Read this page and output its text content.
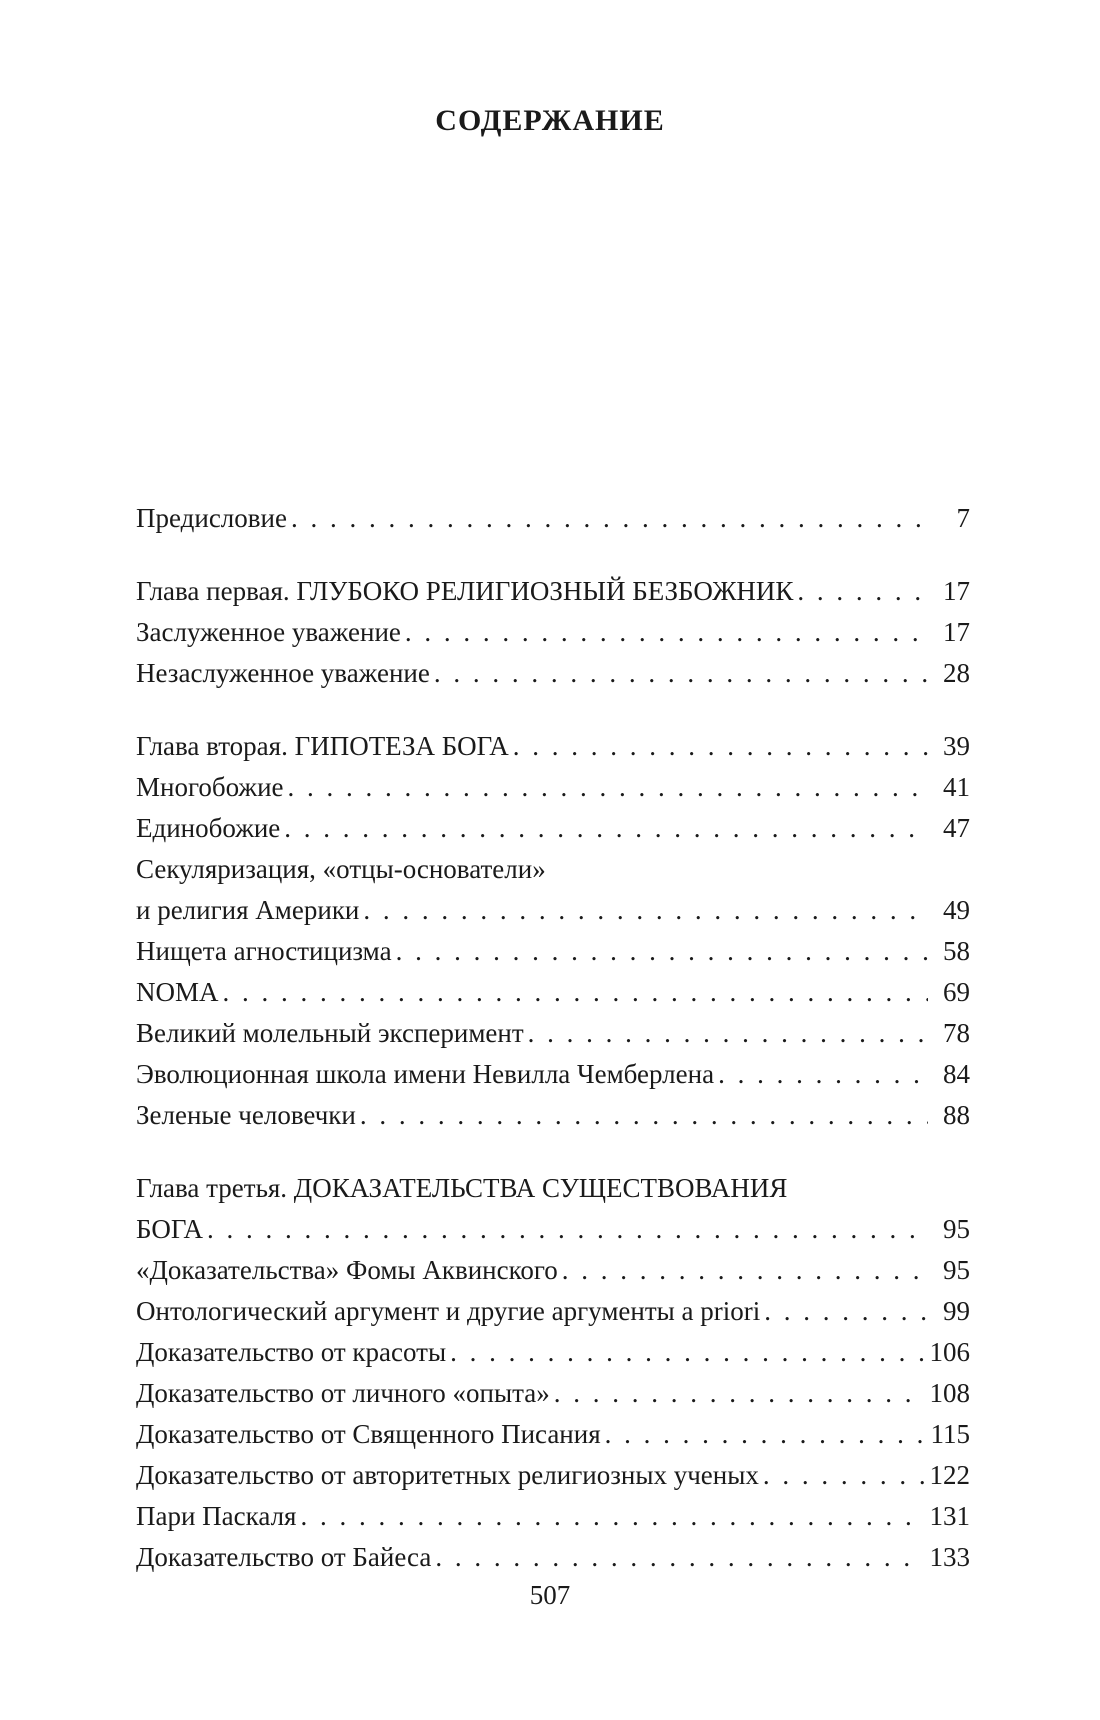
СОДЕРЖАНИЕ
Предисловие . . .	7
Глава первая. ГЛУБОКО РЕЛИГИОЗНЫЙ БЕЗБОЖНИК . . .	17
Заслуженное уважение . . .	17
Незаслуженное уважение . . .	28
Глава вторая. ГИПОТЕЗА БОГА . . .	39
Многобожие . . .	41
Единобожие . . .	47
Секуляризация, «отцы-основатели»
и религия Америки . . .	49
Нищета агностицизма . . .	58
NOMA . . .	69
Великий молельный эксперимент . . .	78
Эволюционная школа имени Невилла Чемберлена . . .	84
Зеленые человечки . . .	88
Глава третья. ДОКАЗАТЕЛЬСТВА СУЩЕСТВОВАНИЯ
БОГА . . .	95
«Доказательства» Фомы Аквинского . . .	95
Онтологический аргумент и другие аргументы a priori . . .	99
Доказательство от красоты . . .	106
Доказательство от личного «опыта» . . .	108
Доказательство от Священного Писания . . .	115
Доказательство от авторитетных религиозных ученых . . .	122
Пари Паскаля . . .	131
Доказательство от Байеса . . .	133
507
